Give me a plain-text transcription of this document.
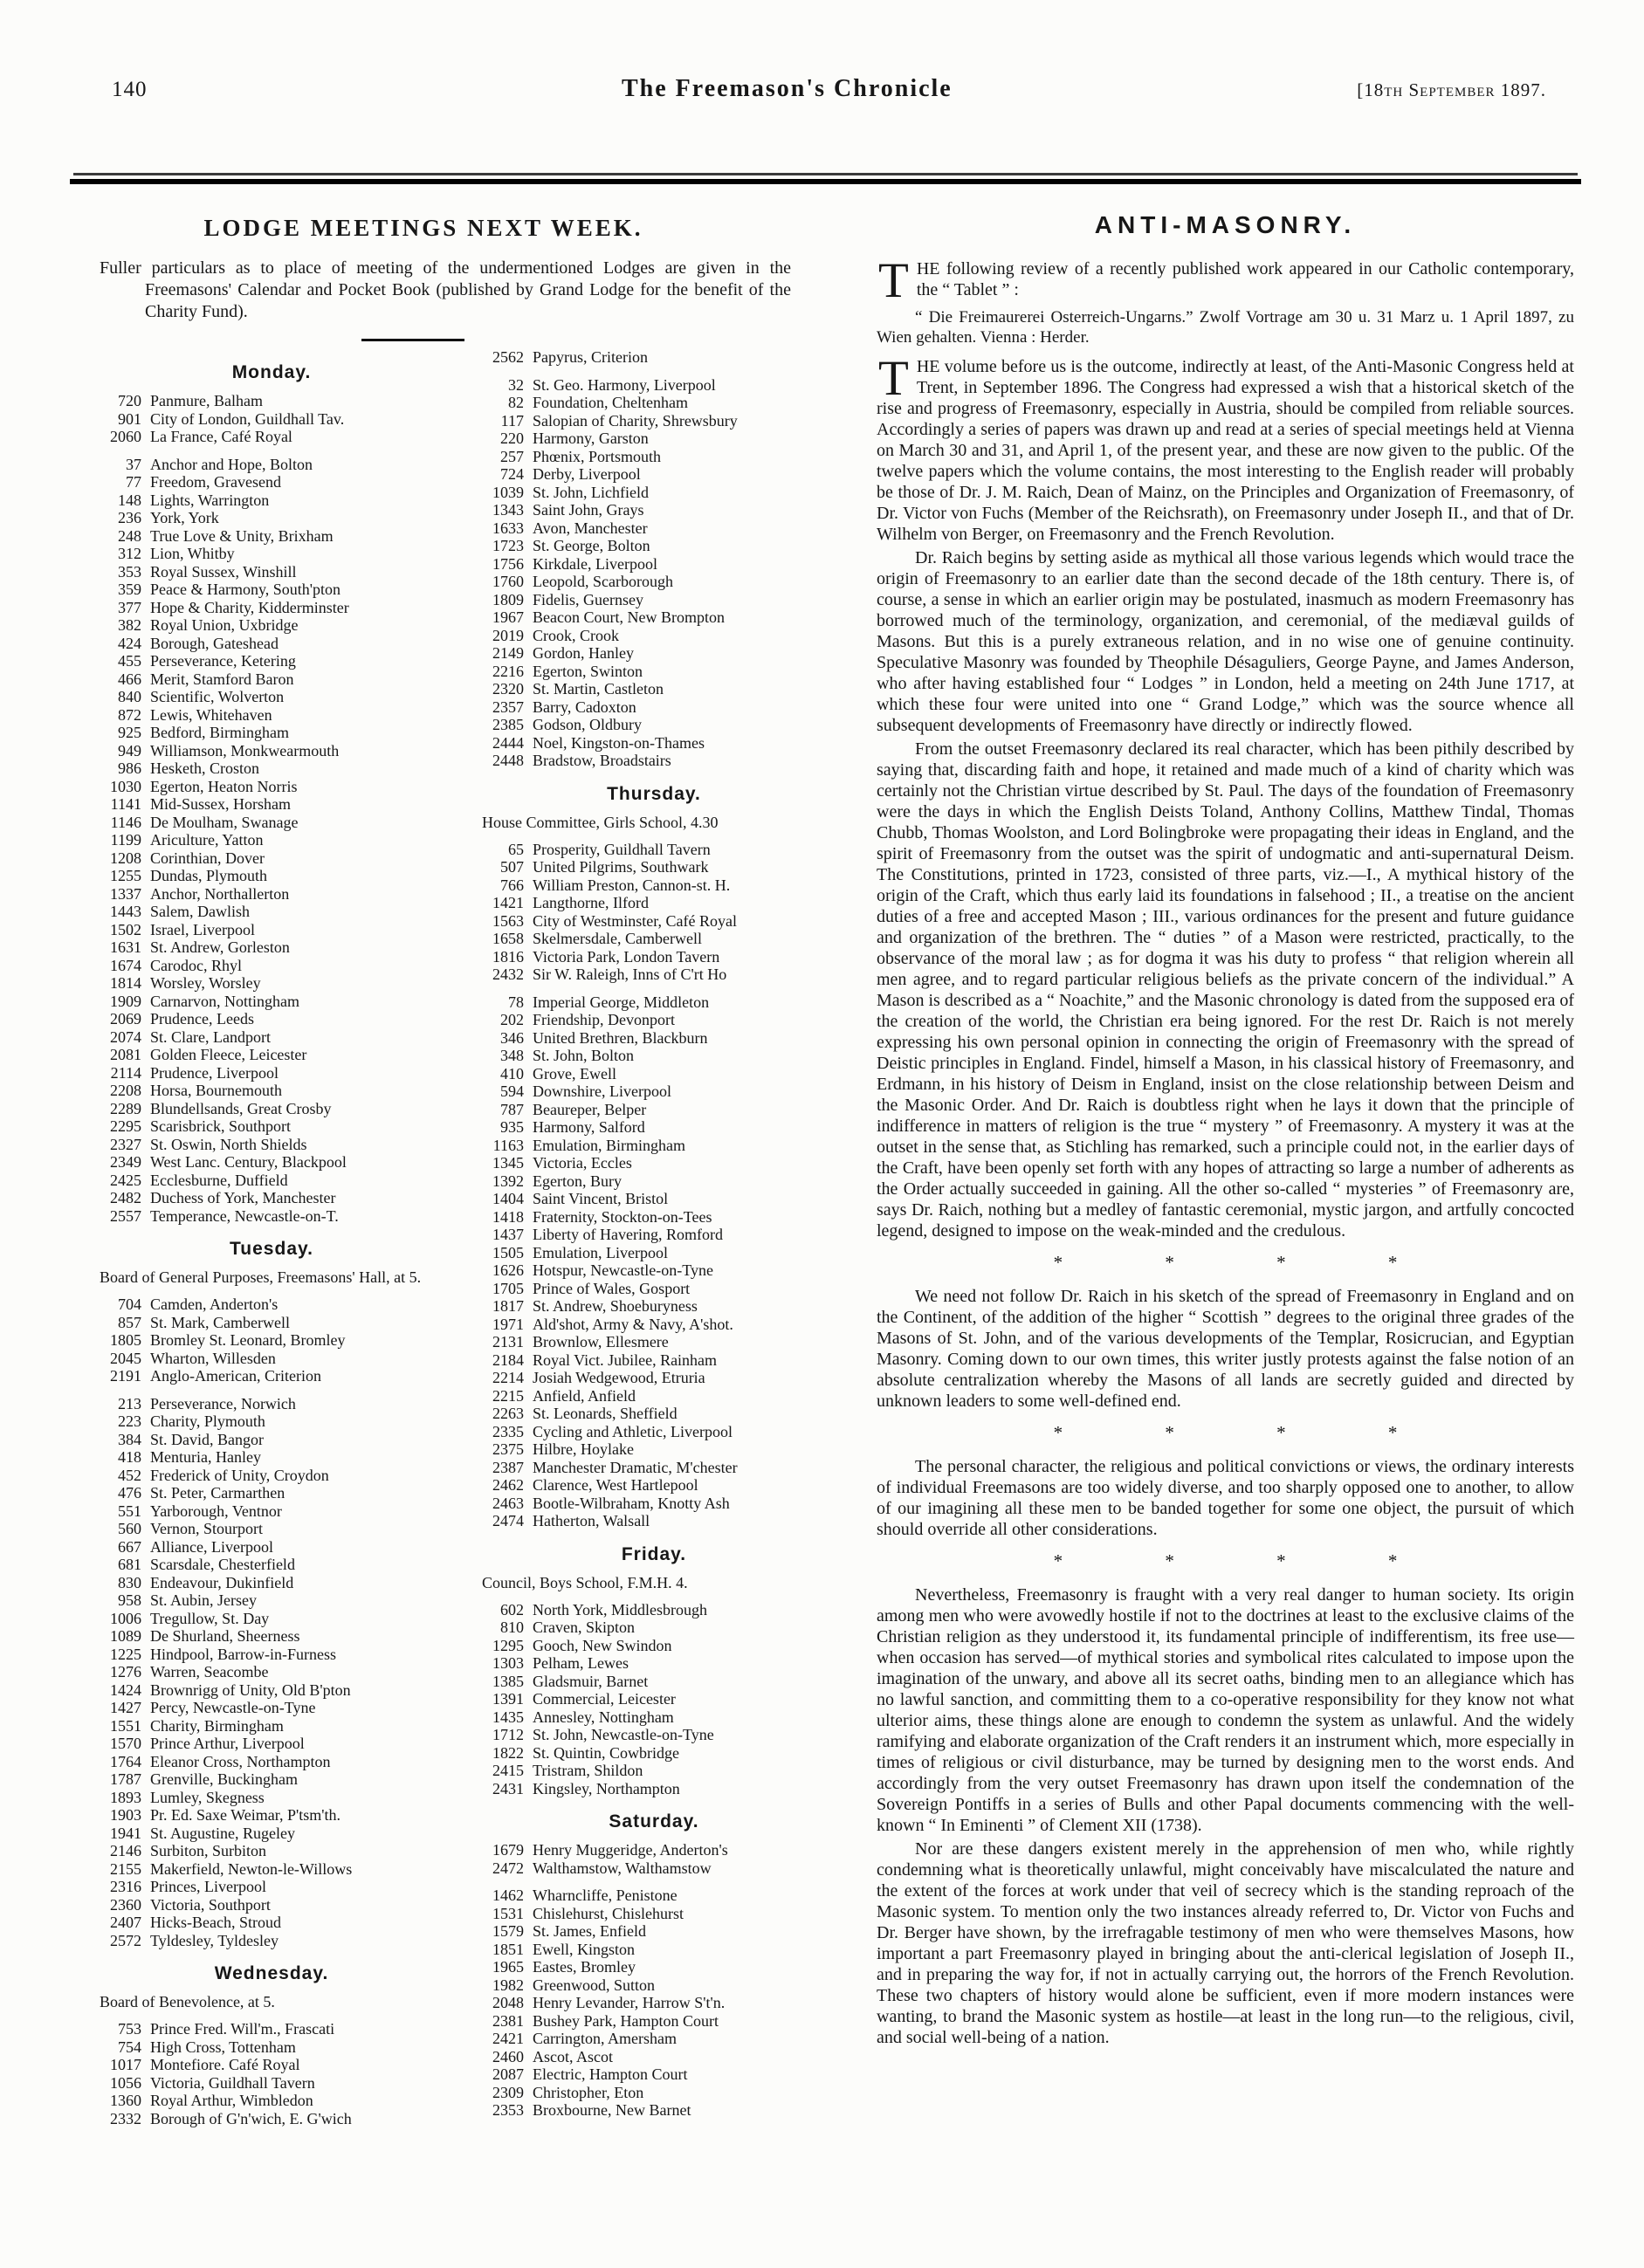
140	The Freemason's Chronicle	[18th September 1897.
LODGE MEETINGS NEXT WEEK.

Fuller particulars as to place of meeting of the undermentioned Lodges are given in the Freemasons' Calendar and Pocket Book (published by Grand Lodge for the benefit of the Charity Fund).

Monday.
720 Panmure, Balham
901 City of London, Guildhall Tav.
2060 La France, Café Royal
37 Anchor and Hope, Bolton
77 Freedom, Gravesend
148 Lights, Warrington
236 York, York
248 True Love & Unity, Brixham
312 Lion, Whitby
353 Royal Sussex, Winshill
359 Peace & Harmony, South'pton
377 Hope & Charity, Kidderminster
382 Royal Union, Uxbridge
424 Borough, Gateshead
455 Perseverance, Ketering
466 Merit, Stamford Baron
840 Scientific, Wolverton
872 Lewis, Whitehaven
925 Bedford, Birmingham
949 Williamson, Monkwearmouth
986 Hesketh, Croston
1030 Egerton, Heaton Norris
1141 Mid-Sussex, Horsham
1146 De Moulham, Swanage
1199 Ariculture, Yatton
1208 Corinthian, Dover
1255 Dundas, Plymouth
1337 Anchor, Northallerton
1443 Salem, Dawlish
1502 Israel, Liverpool
1631 St. Andrew, Gorleston
1674 Carodoc, Rhyl
1814 Worsley, Worsley
1909 Carnarvon, Nottingham
2069 Prudence, Leeds
2074 St. Clare, Landport
2081 Golden Fleece, Leicester
2114 Prudence, Liverpool
2208 Horsa, Bournemouth
2289 Blundellsands, Great Crosby
2295 Scarisbrick, Southport
2327 St. Oswin, North Shields
2349 West Lanc. Century, Blackpool
2425 Ecclesburne, Duffield
2482 Duchess of York, Manchester
2557 Temperance, Newcastle-on-T.
Tuesday.
Board of General Purposes, Freemasons' Hall, at 5.
704 Camden, Anderton's
857 St. Mark, Camberwell
1805 Bromley St. Leonard, Bromley
2045 Wharton, Willesden
2191 Anglo-American, Criterion
213 Perseverance, Norwich
223 Charity, Plymouth
384 St. David, Bangor
418 Menturia, Hanley
452 Frederick of Unity, Croydon
476 St. Peter, Carmarthen
551 Yarborough, Ventnor
560 Vernon, Stourport
667 Alliance, Liverpool
681 Scarsdale, Chesterfield
830 Endeavour, Dukinfield
958 St. Aubin, Jersey
1006 Tregullow, St. Day
1089 De Shurland, Sheerness
1225 Hindpool, Barrow-in-Furness
1276 Warren, Seacombe
1424 Brownrigg of Unity, Old B'pton
1427 Percy, Newcastle-on-Tyne
1551 Charity, Birmingham
1570 Prince Arthur, Liverpool
1764 Eleanor Cross, Northampton
1787 Grenville, Buckingham
1893 Lumley, Skegness
1903 Pr. Ed. Saxe Weimar, P'tsm'th.
1941 St. Augustine, Rugeley
2146 Surbiton, Surbiton
2155 Makerfield, Newton-le-Willows
2316 Princes, Liverpool
2360 Victoria, Southport
2407 Hicks-Beach, Stroud
2572 Tyldesley, Tyldesley
Wednesday.
Board of Benevolence, at 5.
753 Prince Fred. Will'm., Frascati
754 High Cross, Tottenham
1017 Montefiore. Café Royal
1056 Victoria, Guildhall Tavern
1360 Royal Arthur, Wimbledon
2332 Borough of G'n'wich, E. G'wich
2562 Papyrus, Criterion
32 St. Geo. Harmony, Liverpool
82 Foundation, Cheltenham
117 Salopian of Charity, Shrewsbury
220 Harmony, Garston
257 Phœnix, Portsmouth
724 Derby, Liverpool
1039 St. John, Lichfield
1343 Saint John, Grays
1633 Avon, Manchester
1723 St. George, Bolton
1756 Kirkdale, Liverpool
1760 Leopold, Scarborough
1809 Fidelis, Guernsey
1967 Beacon Court, New Brompton
2019 Crook, Crook
2149 Gordon, Hanley
2216 Egerton, Swinton
2320 St. Martin, Castleton
2357 Barry, Cadoxton
2385 Godson, Oldbury
2444 Noel, Kingston-on-Thames
2448 Bradstow, Broadstairs
Thursday.
House Committee, Girls School, 4.30
65 Prosperity, Guildhall Tavern
507 United Pilgrims, Southwark
766 William Preston, Cannon-st. H.
1421 Langthorne, Ilford
1563 City of Westminster, Café Royal
1658 Skelmersdale, Camberwell
1816 Victoria Park, London Tavern
2432 Sir W. Raleigh, Inns of C'rt Ho
78 Imperial George, Middleton
202 Friendship, Devonport
346 United Brethren, Blackburn
348 St. John, Bolton
410 Grove, Ewell
594 Downshire, Liverpool
787 Beaureper, Belper
935 Harmony, Salford
1163 Emulation, Birmingham
1345 Victoria, Eccles
1392 Egerton, Bury
1404 Saint Vincent, Bristol
1418 Fraternity, Stockton-on-Tees
1437 Liberty of Havering, Romford
1505 Emulation, Liverpool
1626 Hotspur, Newcastle-on-Tyne
1705 Prince of Wales, Gosport
1817 St. Andrew, Shoeburyness
1971 Ald'shot, Army & Navy, A'shot.
2131 Brownlow, Ellesmere
2184 Royal Vict. Jubilee, Rainham
2214 Josiah Wedgewood, Etruria
2215 Anfield, Anfield
2263 St. Leonards, Sheffield
2335 Cycling and Athletic, Liverpool
2375 Hilbre, Hoylake
2387 Manchester Dramatic, M'chester
2462 Clarence, West Hartlepool
2463 Bootle-Wilbraham, Knotty Ash
2474 Hatherton, Walsall
Friday.
Council, Boys School, F.M.H. 4.
602 North York, Middlesbrough
810 Craven, Skipton
1295 Gooch, New Swindon
1303 Pelham, Lewes
1385 Gladsmuir, Barnet
1391 Commercial, Leicester
1435 Annesley, Nottingham
1712 St. John, Newcastle-on-Tyne
1822 St. Quintin, Cowbridge
2415 Tristram, Shildon
2431 Kingsley, Northampton
Saturday.
1679 Henry Muggeridge, Anderton's
2472 Walthamstow, Walthamstow
1462 Wharncliffe, Penistone
1531 Chislehurst, Chislehurst
1579 St. James, Enfield
1851 Ewell, Kingston
1965 Eastes, Bromley
1982 Greenwood, Sutton
2048 Henry Levander, Harrow S't'n.
2381 Bushey Park, Hampton Court
2421 Carrington, Amersham
2460 Ascot, Ascot
2087 Electric, Hampton Court
2309 Christopher, Eton
2353 Broxbourne, New Barnet
ANTI-MASONRY.

THE following review of a recently published work appeared in our Catholic contemporary, the “ Tablet ” :

“ Die Freimaurerei Osterreich-Ungarns.” Zwolf Vortrage am 30 u. 31 Marz u. 1 April 1897, zu Wien gehalten. Vienna : Herder.

THE volume before us is the outcome, indirectly at least, of the Anti-Masonic Congress held at Trent, in September 1896. The Congress had expressed a wish that a historical sketch of the rise and progress of Freemasonry, especially in Austria, should be compiled from reliable sources. Accordingly a series of papers was drawn up and read at a series of special meetings held at Vienna on March 30 and 31, and April 1, of the present year, and these are now given to the public. Of the twelve papers which the volume contains, the most interesting to the English reader will probably be those of Dr. J. M. Raich, Dean of Mainz, on the Principles and Organization of Freemasonry, of Dr. Victor von Fuchs (Member of the Reichsrath), on Freemasonry under Joseph II., and that of Dr. Wilhelm von Berger, on Freemasonry and the French Revolution.

Dr. Raich begins by setting aside as mythical all those various legends which would trace the origin of Freemasonry to an earlier date than the second decade of the 18th century. There is, of course, a sense in which an earlier origin may be postulated, inasmuch as modern Freemasonry has borrowed much of the terminology, organization, and ceremonial, of the mediæval guilds of Masons. But this is a purely extraneous relation, and in no wise one of genuine continuity. Speculative Masonry was founded by Theophile Désaguliers, George Payne, and James Anderson, who after having established four “ Lodges ” in London, held a meeting on 24th June 1717, at which these four were united into one “ Grand Lodge,” which was the source whence all subsequent developments of Freemasonry have directly or indirectly flowed.

From the outset Freemasonry declared its real character, which has been pithily described by saying that, discarding faith and hope, it retained and made much of a kind of charity which was certainly not the Christian virtue described by St. Paul. The days of the foundation of Freemasonry were the days in which the English Deists Toland, Anthony Collins, Matthew Tindal, Thomas Chubb, Thomas Woolston, and Lord Bolingbroke were propagating their ideas in England, and the spirit of Freemasonry from the outset was the spirit of undogmatic and anti-supernatural Deism. The Constitutions, printed in 1723, consisted of three parts, viz.—I., A mythical history of the origin of the Craft, which thus early laid its foundations in falsehood ; II., a treatise on the ancient duties of a free and accepted Mason ; III., various ordinances for the present and future guidance and organization of the brethren. The “ duties ” of a Mason were restricted, practically, to the observance of the moral law ; as for dogma it was his duty to profess “ that religion wherein all men agree, and to regard particular religious beliefs as the private concern of the individual.” A Mason is described as a “ Noachite,” and the Masonic chronology is dated from the supposed era of the creation of the world, the Christian era being ignored. For the rest Dr. Raich is not merely expressing his own personal opinion in connecting the origin of Freemasonry with the spread of Deistic principles in England. Findel, himself a Mason, in his classical history of Freemasonry, and Erdmann, in his history of Deism in England, insist on the close relationship between Deism and the Masonic Order. And Dr. Raich is doubtless right when he lays it down that the principle of indifference in matters of religion is the true “ mystery ” of Freemasonry. A mystery it was at the outset in the sense that, as Stichling has remarked, such a principle could not, in the earlier days of the Craft, have been openly set forth with any hopes of attracting so large a number of adherents as the Order actually succeeded in gaining. All the other so-called “ mysteries ” of Freemasonry are, says Dr. Raich, nothing but a medley of fantastic ceremonial, mystic jargon, and artfully concocted legend, designed to impose on the weak-minded and the credulous.

* * * *

We need not follow Dr. Raich in his sketch of the spread of Freemasonry in England and on the Continent, of the addition of the higher “ Scottish ” degrees to the original three grades of the Masons of St. John, and of the various developments of the Templar, Rosicrucian, and Egyptian Masonry. Coming down to our own times, this writer justly protests against the false notion of an absolute centralization whereby the Masons of all lands are secretly guided and directed by unknown leaders to some well-defined end.

* * * *

The personal character, the religious and political convictions or views, the ordinary interests of individual Freemasons are too widely diverse, and too sharply opposed one to another, to allow of our imagining all these men to be banded together for some one object, the pursuit of which should override all other considerations.

* * * *

Nevertheless, Freemasonry is fraught with a very real danger to human society. Its origin among men who were avowedly hostile if not to the doctrines at least to the exclusive claims of the Christian religion as they understood it, its fundamental principle of indifferentism, its free use—when occasion has served—of mythical stories and symbolical rites calculated to impose upon the imagination of the unwary, and above all its secret oaths, binding men to an allegiance which has no lawful sanction, and committing them to a co-operative responsibility for they know not what ulterior aims, these things alone are enough to condemn the system as unlawful. And the widely ramifying and elaborate organization of the Craft renders it an instrument which, more especially in times of religious or civil disturbance, may be turned by designing men to the worst ends. And accordingly from the very outset Freemasonry has drawn upon itself the condemnation of the Sovereign Pontiffs in a series of Bulls and other Papal documents commencing with the well-known “ In Eminenti ” of Clement XII (1738).

Nor are these dangers existent merely in the apprehension of men who, while rightly condemning what is theoretically unlawful, might conceivably have miscalculated the nature and the extent of the forces at work under that veil of secrecy which is the standing reproach of the Masonic system. To mention only the two instances already referred to, Dr. Victor von Fuchs and Dr. Berger have shown, by the irrefragable testimony of men who were themselves Masons, how important a part Freemasonry played in bringing about the anti-clerical legislation of Joseph II., and in preparing the way for, if not in actually carrying out, the horrors of the French Revolution. These two chapters of history would alone be sufficient, even if more modern instances were wanting, to brand the Masonic system as hostile—at least in the long run—to the religious, civil, and social well-being of a nation.
